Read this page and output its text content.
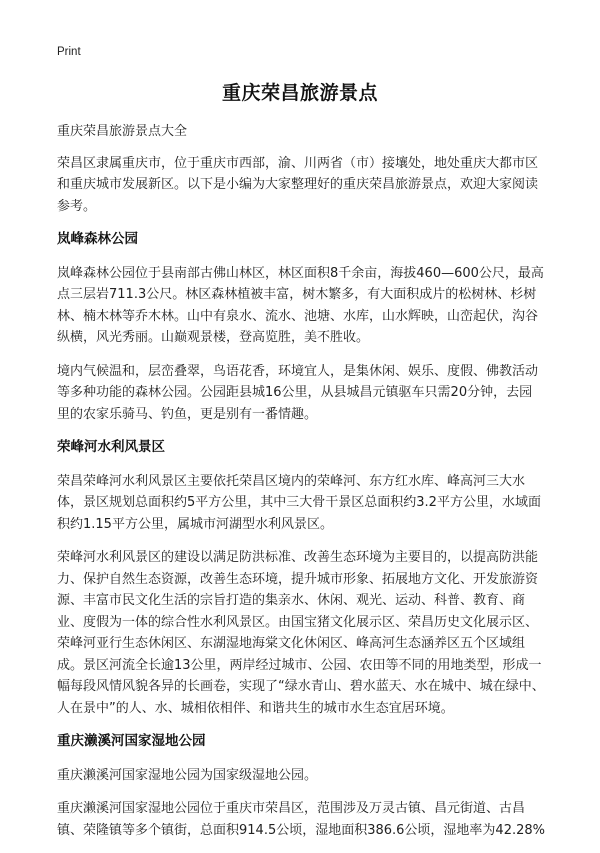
Print
重庆荣昌旅游景点

重庆荣昌旅游景点大全

荣昌区隶属重庆市，位于重庆市西部，渝、川两省（市）接壤处，地处重庆大都市区和重庆城市发展新区。以下是小编为大家整理好的重庆荣昌旅游景点，欢迎大家阅读参考。

岚峰森林公园

岚峰森林公园位于县南部古佛山林区，林区面积8千余亩，海拔460—600公尺，最高点三层岩711.3公尺。林区森林植被丰富，树木繁多，有大面积成片的松树林、杉树林、楠木林等乔木林。山中有泉水、流水、池塘、水库，山水辉映，山峦起伏，沟谷纵横，风光秀丽。山巅观景楼，登高览胜，美不胜收。

境内气候温和，层峦叠翠，鸟语花香，环境宜人，是集休闲、娱乐、度假、佛教活动等多种功能的森林公园。公园距县城16公里，从县城昌元镇驱车只需20分钟，去园里的农家乐骑马、钓鱼，更是别有一番情趣。

荣峰河水利风景区

荣昌荣峰河水利风景区主要依托荣昌区境内的荣峰河、东方红水库、峰高河三大水体，景区规划总面积约5平方公里，其中三大骨干景区总面积约3.2平方公里，水域面积约1.15平方公里，属城市河湖型水利风景区。

荣峰河水利风景区的建设以满足防洪标准、改善生态环境为主要目的，以提高防洪能力、保护自然生态资源，改善生态环境，提升城市形象、拓展地方文化、开发旅游资源、丰富市民文化生活的宗旨打造的集亲水、休闲、观光、运动、科普、教育、商业、度假为一体的综合性水利风景区。由国宝猪文化展示区、荣昌历史文化展示区、荣峰河亚行生态休闲区、东湖湿地海棠文化休闲区、峰高河生态涵养区五个区域组成。景区河流全长逾13公里，两岸经过城市、公园、农田等不同的用地类型，形成一幅每段风情风貌各异的长画卷，实现了“绿水青山、碧水蓝天、水在城中、城在绿中、人在景中”的人、水、城相依相伴、和谐共生的城市水生态宜居环境。

重庆濑溪河国家湿地公园

重庆濑溪河国家湿地公园为国家级湿地公园。

重庆濑溪河国家湿地公园位于重庆市荣昌区，范围涉及万灵古镇、昌元街道、古昌镇、荣隆镇等多个镇街，总面积914.5公顷，湿地面积386.6公顷，湿地率为42.28%
